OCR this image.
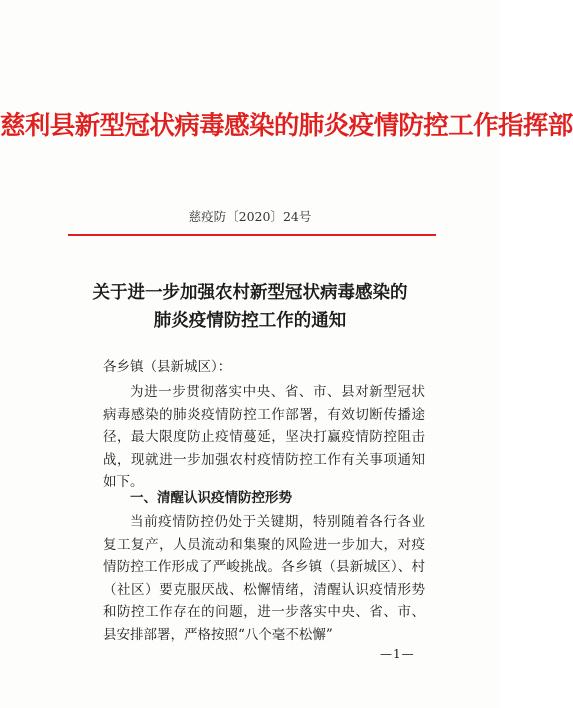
慈利县新型冠状病毒感染的肺炎疫情防控工作指挥部
慈疫防〔2020〕24号
关于进一步加强农村新型冠状病毒感染的
肺炎疫情防控工作的通知
各乡镇（县新城区）：
为进一步贯彻落实中央、省、市、县对新型冠状病毒感染的肺炎疫情防控工作部署，有效切断传播途径，最大限度防止疫情蔓延，坚决打赢疫情防控阻击战，现就进一步加强农村疫情防控工作有关事项通知如下。
一、清醒认识疫情防控形势
当前疫情防控仍处于关键期，特别随着各行各业复工复产，人员流动和集聚的风险进一步加大，对疫情防控工作形成了严峻挑战。各乡镇（县新城区）、村（社区）要克服厌战、松懈情绪，清醒认识疫情形势和防控工作存在的问题，进一步落实中央、省、市、县安排部署，严格按照“八个毫不松懈”
—1—
